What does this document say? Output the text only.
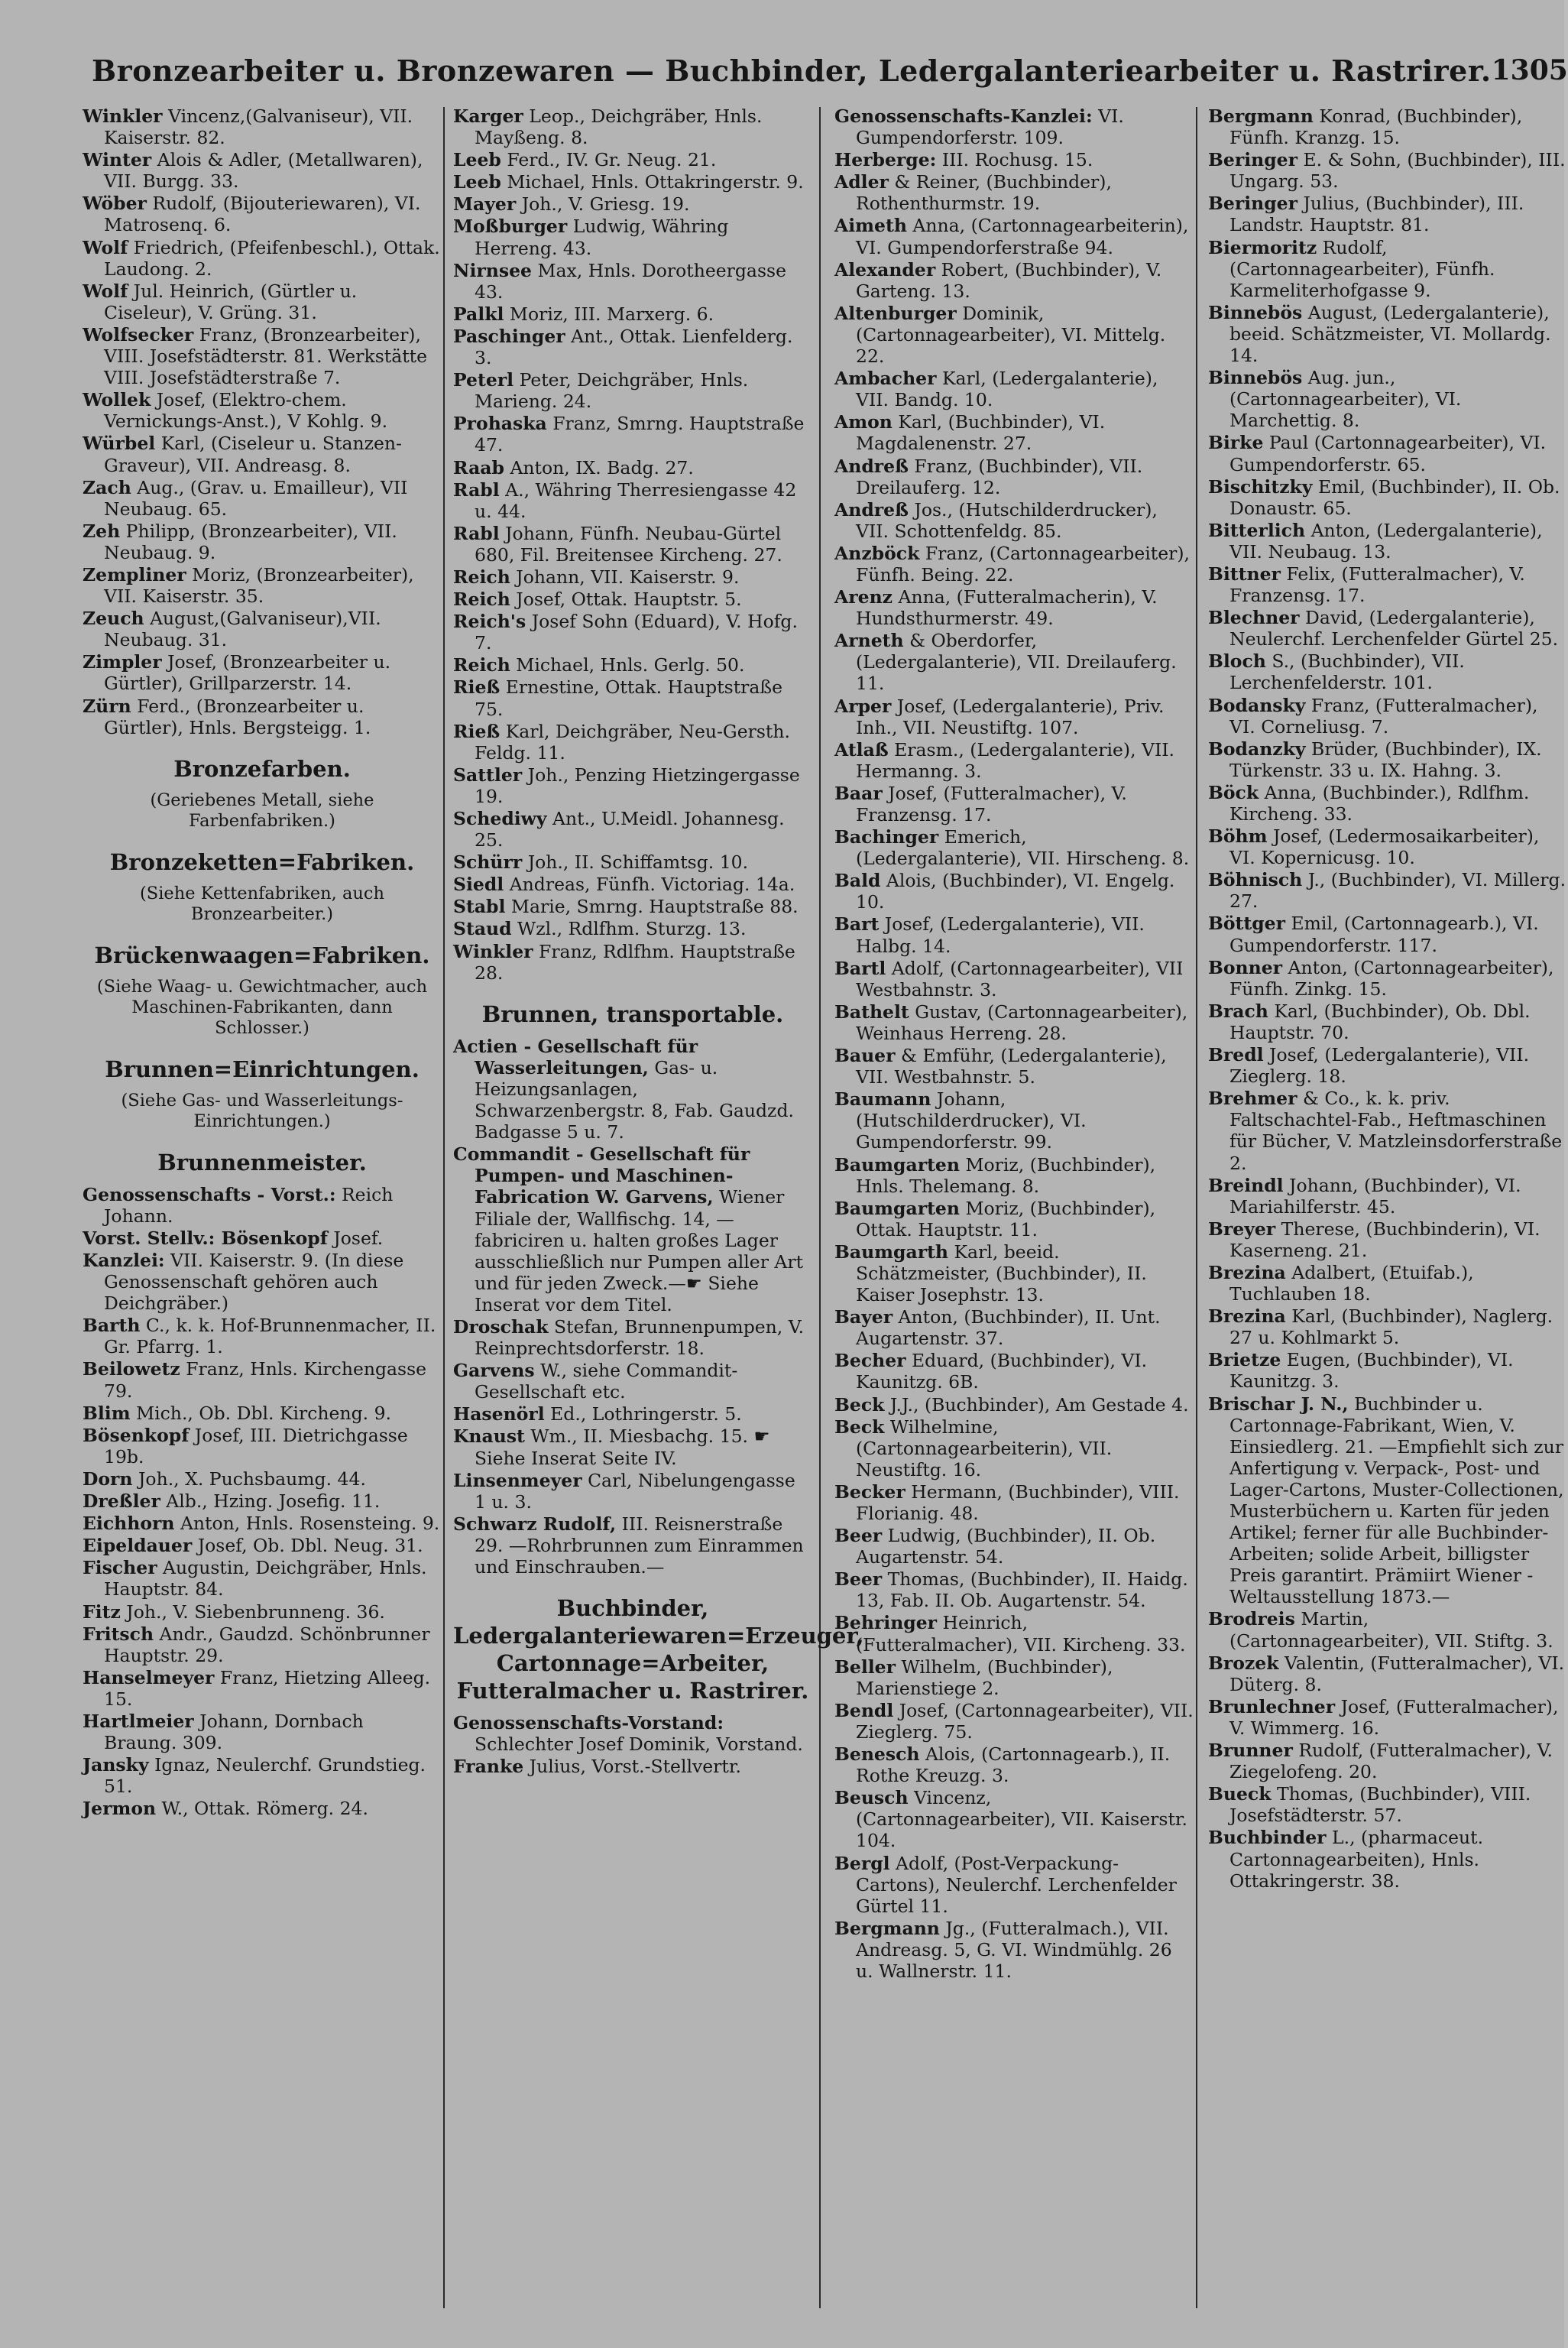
Bronzearbeiter u. Bronzewaren — Buchbinder, Ledergalanteriearbeiter u. Rastrirer. 1305
Winkler Vincenz,(Galvaniseur), VII. Kaiserstr. 82.
Winter Alois & Adler, (Metallwaren), VII. Burgg. 33.
Wöber Rudolf, (Bijouteriewaren), VI. Matrosenq. 6.
Wolf Friedrich, (Pfeifenbeschl.), Ottak. Laudong. 2.
Wolf Jul. Heinrich, (Gürtler u. Ciseleur), V. Grüng. 31.
Wolfsecker Franz, (Bronzearbeiter), VIII. Josefstädterstr. 81. Werkstätte VIII. Josefstädterstraße 7.
Wollek Josef, (Elektro-chem. Vernickungs-Anst.), V Kohlg. 9.
Würbel Karl, (Ciseleur u. Stanzen-Graveur), VII. Andreasg. 8.
Zach Aug., (Grav. u. Emailleur), VII Neubaug. 65.
Zeh Philipp, (Bronzearbeiter), VII. Neubaug. 9.
Zempliner Moriz, (Bronzearbeiter), VII. Kaiserstr. 35.
Zeuch August,(Galvaniseur),VII. Neubaug. 31.
Zimpler Josef, (Bronzearbeiter u. Gürtler), Grillparzerstr. 14.
Zürn Ferd., (Bronzearbeiter u. Gürtler), Hnls. Bergsteigg. 1.
Bronzefarben.
(Geriebenes Metall, siehe Farbenfabriken.)
Bronzeketten=Fabriken.
(Siehe Kettenfabriken, auch Bronzearbeiter.)
Brückenwaagen=Fabriken.
(Siehe Waag- u. Gewichtmacher, auch Maschinen-Fabrikanten, dann Schlosser.)
Brunnen=Einrichtungen.
(Siehe Gas- und Wasserleitungs-Einrichtungen.)
Brunnenmeister.
Genossenschafts - Vorst.: Reich Johann.
Vorst. Stellv.: Bösenkopf Josef.
Kanzlei: VII. Kaiserstr. 9. (In diese Genossenschaft gehören auch Deichgräber.)
Barth C., k. k. Hof-Brunnenmacher, II. Gr. Pfarrg. 1.
Beilowetz Franz, Hnls. Kirchengasse 79.
Blim Mich., Ob. Dbl. Kircheng. 9.
Bösenkopf Josef, III. Dietrichgasse 19b.
Dorn Joh., X. Puchsbaumg. 44.
Dreßler Alb., Hzing. Josefig. 11.
Eichhorn Anton, Hnls. Rosensteing. 9.
Eipeldauer Josef, Ob. Dbl. Neug. 31.
Fischer Augustin, Deichgräber, Hnls. Hauptstr. 84.
Fitz Joh., V. Siebenbrunneng. 36.
Fritsch Andr., Gaudzd. Schönbrunner Hauptstr. 29.
Hanselmeyer Franz, Hietzing Alleeg. 15.
Hartlmeier Johann, Dornbach Braung. 309.
Jansky Ignaz, Neulerchf. Grundstieg. 51.
Jermon W., Ottak. Römerg. 24.
Karger Leop., Deichgräber, Hnls. Mayßeng. 8.
Leeb Ferd., IV. Gr. Neug. 21.
Leeb Michael, Hnls. Ottakringerstr. 9.
Mayer Joh., V. Griesg. 19.
Moßburger Ludwig, Währing Herreng. 43.
Nirnsee Max, Hnls. Dorotheergasse 43.
Palkl Moriz, III. Marxerg. 6.
Paschinger Ant., Ottak. Lienfelderg. 3.
Peterl Peter, Deichgräber, Hnls. Marieng. 24.
Prohaska Franz, Smrng. Hauptstraße 47.
Raab Anton, IX. Badg. 27.
Rabl A., Währing Therresiengasse 42 u. 44.
Rabl Johann, Fünfh. Neubau-Gürtel 680, Fil. Breitensee Kircheng. 27.
Reich Johann, VII. Kaiserstr. 9.
Reich Josef, Ottak. Hauptstr. 5.
Reich's Josef Sohn (Eduard), V. Hofg. 7.
Reich Michael, Hnls. Gerlg. 50.
Rieß Ernestine, Ottak. Hauptstraße 75.
Rieß Karl, Deichgräber, Neu-Gersth. Feldg. 11.
Sattler Joh., Penzing Hietzingergasse 19.
Schediwy Ant., U.Meidl. Johannesg. 25.
Schürr Joh., II. Schiffamtsg. 10.
Siedl Andreas, Fünfh. Victoriag. 14a.
Stabl Marie, Smrng. Hauptstraße 88.
Staud Wzl., Rdlfhm. Sturzg. 13.
Winkler Franz, Rdlfhm. Hauptstraße 28.
Brunnen, transportable.
Actien - Gesellschaft für Wasserleitungen, Gas- u. Heizungsanlagen, Schwarzenbergstr. 8, Fab. Gaudzd. Badgasse 5 u. 7.
Commandit - Gesellschaft für Pumpen- und Maschinen-Fabrication W. Garvens, Wiener Filiale der, Wallfischg. 14, —fabriciren u. halten großes Lager ausschließlich nur Pumpen aller Art und für jeden Zweck.—☛ Siehe Inserat vor dem Titel.
Droschak Stefan, Brunnenpumpen, V. Reinprechtsdorferstr. 18.
Garvens W., siehe Commandit-Gesellschaft etc.
Hasenörl Ed., Lothringerstr. 5.
Knaust Wm., II. Miesbachg. 15. ☛ Siehe Inserat Seite IV.
Linsenmeyer Carl, Nibelungengasse 1 u. 3.
Schwarz Rudolf, III. Reisnerstraße 29. —Rohrbrunnen zum Einrammen und Einschrauben.—
Buchbinder,
Ledergalanteriewaren=Erzeuger, Cartonnage=Arbeiter, Futteralmacher u. Rastrirer.
Genossenschafts-Vorstand: Schlechter Josef Dominik, Vorstand.
Franke Julius, Vorst.-Stellvertr.
Genossenschafts-Kanzlei: VI. Gumpendorferstr. 109.
Herberge: III. Rochusg. 15.
Adler & Reiner, (Buchbinder), Rothenthurmstr. 19.
Aimeth Anna, (Cartonnagearbeiterin), VI. Gumpendorferstraße 94.
Alexander Robert, (Buchbinder), V. Garteng. 13.
Altenburger Dominik, (Cartonnagearbeiter), VI. Mittelg. 22.
Ambacher Karl, (Ledergalanterie), VII. Bandg. 10.
Amon Karl, (Buchbinder), VI. Magdalenenstr. 27.
Andreß Franz, (Buchbinder), VII. Dreilauferg. 12.
Andreß Jos., (Hutschilderdrucker), VII. Schottenfeldg. 85.
Anzböck Franz, (Cartonnagearbeiter), Fünfh. Being. 22.
Arenz Anna, (Futteralmacherin), V. Hundsthurmerstr. 49.
Arneth & Oberdorfer, (Ledergalanterie), VII. Dreilauferg. 11.
Arper Josef, (Ledergalanterie), Priv. Inh., VII. Neustiftg. 107.
Atlaß Erasm., (Ledergalanterie), VII. Hermanng. 3.
Baar Josef, (Futteralmacher), V. Franzensg. 17.
Bachinger Emerich, (Ledergalanterie), VII. Hirscheng. 8.
Bald Alois, (Buchbinder), VI. Engelg. 10.
Bart Josef, (Ledergalanterie), VII. Halbg. 14.
Bartl Adolf, (Cartonnagearbeiter), VII Westbahnstr. 3.
Bathelt Gustav, (Cartonnagearbeiter), Weinhaus Herreng. 28.
Bauer & Emführ, (Ledergalanterie), VII. Westbahnstr. 5.
Baumann Johann, (Hutschilderdrucker), VI. Gumpendorferstr. 99.
Baumgarten Moriz, (Buchbinder), Hnls. Thelemang. 8.
Baumgarten Moriz, (Buchbinder), Ottak. Hauptstr. 11.
Baumgarth Karl, beeid. Schätzmeister, (Buchbinder), II. Kaiser Josephstr. 13.
Bayer Anton, (Buchbinder), II. Unt. Augartenstr. 37.
Becher Eduard, (Buchbinder), VI. Kaunitzg. 6B.
Beck J.J., (Buchbinder), Am Gestade 4.
Beck Wilhelmine, (Cartonnagearbeiterin), VII. Neustiftg. 16.
Becker Hermann, (Buchbinder), VIII. Florianig. 48.
Beer Ludwig, (Buchbinder), II. Ob. Augartenstr. 54.
Beer Thomas, (Buchbinder), II. Haidg. 13, Fab. II. Ob. Augartenstr. 54.
Behringer Heinrich, (Futteralmacher), VII. Kircheng. 33.
Beller Wilhelm, (Buchbinder), Marienstiege 2.
Bendl Josef, (Cartonnagearbeiter), VII. Zieglerg. 75.
Benesch Alois, (Cartonnagearb.), II. Rothe Kreuzg. 3.
Beusch Vincenz, (Cartonnagearbeiter), VII. Kaiserstr. 104.
Bergl Adolf, (Post-Verpackung-Cartons), Neulerchf. Lerchenfelder Gürtel 11.
Bergmann Jg., (Futteralmach.), VII. Andreasg. 5, G. VI. Windmühlg. 26 u. Wallnerstr. 11.
Bergmann Konrad, (Buchbinder), Fünfh. Kranzg. 15.
Beringer E. & Sohn, (Buchbinder), III. Ungarg. 53.
Beringer Julius, (Buchbinder), III. Landstr. Hauptstr. 81.
Biermoritz Rudolf, (Cartonnagearbeiter), Fünfh. Karmeliterhofgasse 9.
Binnebös August, (Ledergalanterie), beeid. Schätzmeister, VI. Mollardg. 14.
Binnebös Aug. jun., (Cartonnagearbeiter), VI. Marchettig. 8.
Birke Paul (Cartonnagearbeiter), VI. Gumpendorferstr. 65.
Bischitzky Emil, (Buchbinder), II. Ob. Donaustr. 65.
Bitterlich Anton, (Ledergalanterie), VII. Neubaug. 13.
Bittner Felix, (Futteralmacher), V. Franzensg. 17.
Blechner David, (Ledergalanterie), Neulerchf. Lerchenfelder Gürtel 25.
Bloch S., (Buchbinder), VII. Lerchenfelderstr. 101.
Bodansky Franz, (Futteralmacher), VI. Corneliusg. 7.
Bodanzky Brüder, (Buchbinder), IX. Türkenstr. 33 u. IX. Hahng. 3.
Böck Anna, (Buchbinder.), Rdlfhm. Kircheng. 33.
Böhm Josef, (Ledermosaikarbeiter), VI. Kopernicusg. 10.
Böhnisch J., (Buchbinder), VI. Millerg. 27.
Böttger Emil, (Cartonnagearb.), VI. Gumpendorferstr. 117.
Bonner Anton, (Cartonnagearbeiter), Fünfh. Zinkg. 15.
Brach Karl, (Buchbinder), Ob. Dbl. Hauptstr. 70.
Bredl Josef, (Ledergalanterie), VII. Zieglerg. 18.
Brehmer & Co., k. k. priv. Faltschachtel-Fab., Heftmaschinen für Bücher, V. Matzleinsdorferstraße 2.
Breindl Johann, (Buchbinder), VI. Mariahilferstr. 45.
Breyer Therese, (Buchbinderin), VI. Kaserneng. 21.
Brezina Adalbert, (Etuifab.), Tuchlauben 18.
Brezina Karl, (Buchbinder), Naglerg. 27 u. Kohlmarkt 5.
Brietze Eugen, (Buchbinder), VI. Kaunitzg. 3.
Brischar J. N., Buchbinder u. Cartonnage-Fabrikant, Wien, V. Einsiedlerg. 21. —Empfiehlt sich zur Anfertigung v. Verpack-, Post- und Lager-Cartons, Muster-Collectionen, Musterbüchern u. Karten für jeden Artikel; ferner für alle Buchbinder-Arbeiten; solide Arbeit, billigster Preis garantirt. Prämiirt Wiener - Weltausstellung 1873.—
Brodreis Martin, (Cartonnagearbeiter), VII. Stiftg. 3.
Brozek Valentin, (Futteralmacher), VI. Düterg. 8.
Brunlechner Josef, (Futteralmacher), V. Wimmerg. 16.
Brunner Rudolf, (Futteralmacher), V. Ziegelofeng. 20.
Bueck Thomas, (Buchbinder), VIII. Josefstädterstr. 57.
Buchbinder L., (pharmaceut. Cartonnagearbeiten), Hnls. Ottakringerstr. 38.
